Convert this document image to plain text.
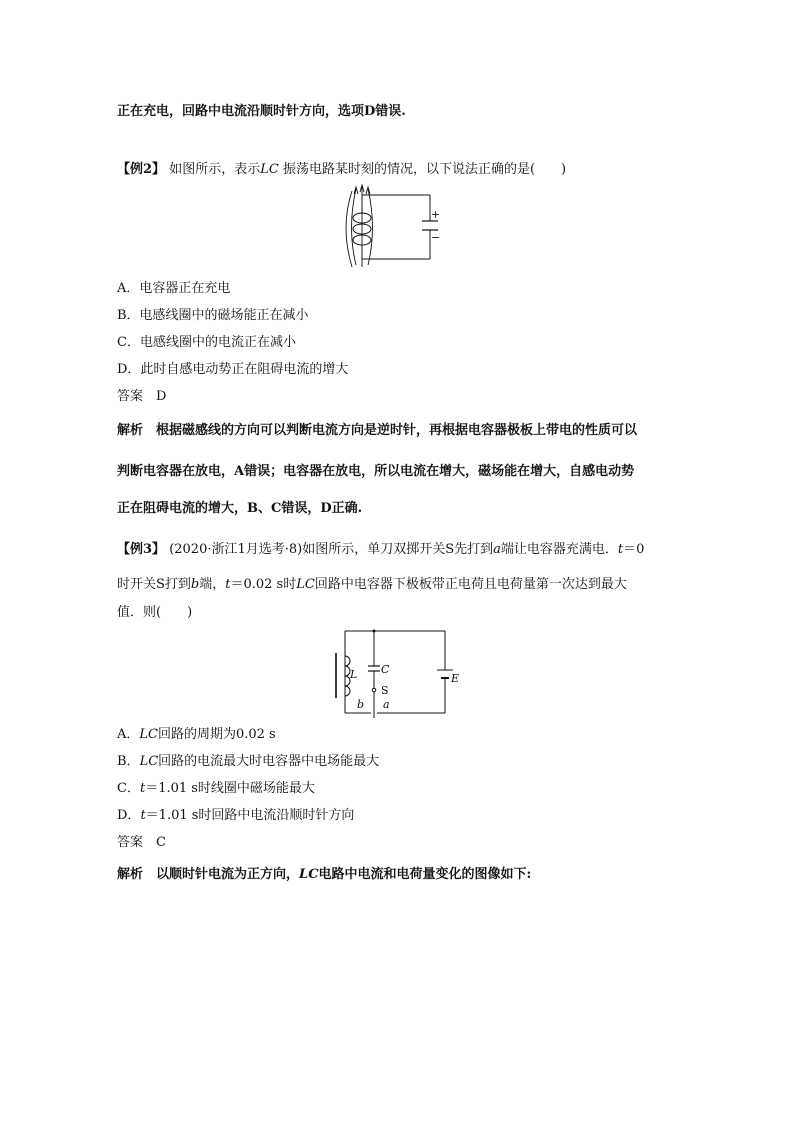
正在充电，回路中电流沿顺时针方向，选项D错误.
【例2】 如图所示，表示LC 振荡电路某时刻的情况，以下说法正确的是(　　)
+
−
A．电容器正在充电
B．电感线圈中的磁场能正在减小
C．电感线圈中的电流正在减小
D．此时自感电动势正在阻碍电流的增大
答案　 D
解析　 根据磁感线的方向可以判断电流方向是逆时针，再根据电容器极板上带电的性质可以
判断电容器在放电，A错误；电容器在放电，所以电流在增大，磁场能在增大，自感电动势
正在阻碍电流的增大，B、C错误，D正确.
【例3】 (2020·浙江1月选考·8)如图所示，单刀双掷开关S先打到a端让电容器充满电．t＝0
时开关S打到b端，t＝0.02 s时LC回路中电容器下极板带正电荷且电荷量第一次达到最大
值．则(　　)
L C
S
b a
E
A．LC回路的周期为0.02 s
B．LC回路的电流最大时电容器中电场能最大
C．t＝1.01 s时线圈中磁场能最大
D．t＝1.01 s时回路中电流沿顺时针方向
答案　 C
解析　 以顺时针电流为正方向，LC电路中电流和电荷量变化的图像如下:
